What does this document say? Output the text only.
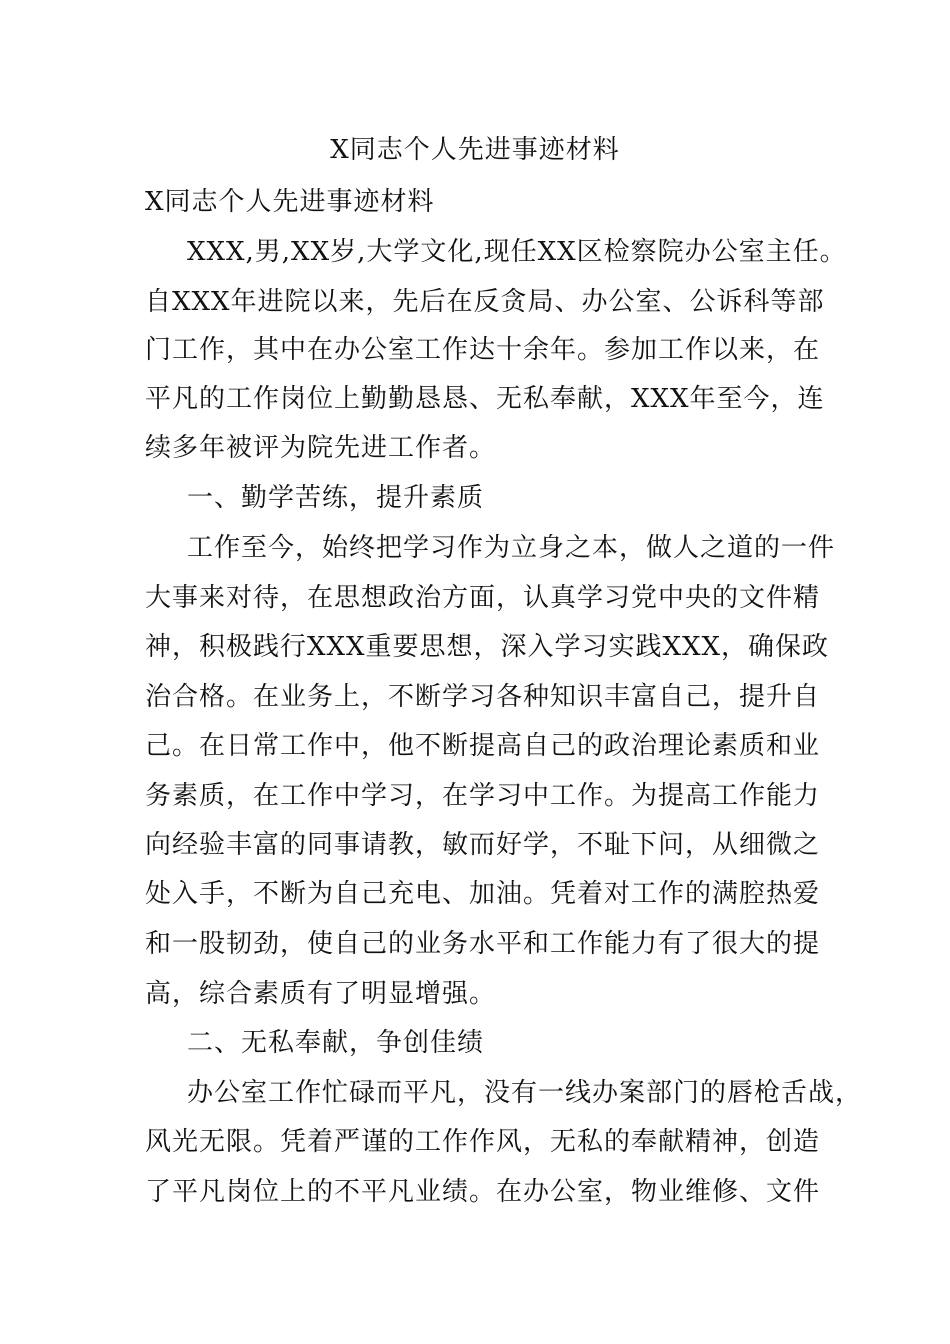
X同志个人先进事迹材料
X同志个人先进事迹材料
XXX,男,XX岁,大学文化,现任XX区检察院办公室主任。
自XXX年进院以来，先后在反贪局、办公室、公诉科等部
门工作，其中在办公室工作达十余年。参加工作以来，在
平凡的工作岗位上勤勤恳恳、无私奉献，XXX年至今，连
续多年被评为院先进工作者。
一、勤学苦练，提升素质
工作至今，始终把学习作为立身之本，做人之道的一件
大事来对待，在思想政治方面，认真学习党中央的文件精
神，积极践行XXX重要思想，深入学习实践XXX，确保政
治合格。在业务上，不断学习各种知识丰富自己，提升自
己。在日常工作中，他不断提高自己的政治理论素质和业
务素质，在工作中学习，在学习中工作。为提高工作能力
向经验丰富的同事请教，敏而好学，不耻下问，从细微之
处入手，不断为自己充电、加油。凭着对工作的满腔热爱
和一股韧劲，使自己的业务水平和工作能力有了很大的提
高，综合素质有了明显增强。
二、无私奉献，争创佳绩
办公室工作忙碌而平凡，没有一线办案部门的唇枪舌战，
风光无限。凭着严谨的工作作风，无私的奉献精神，创造
了平凡岗位上的不平凡业绩。在办公室，物业维修、文件
